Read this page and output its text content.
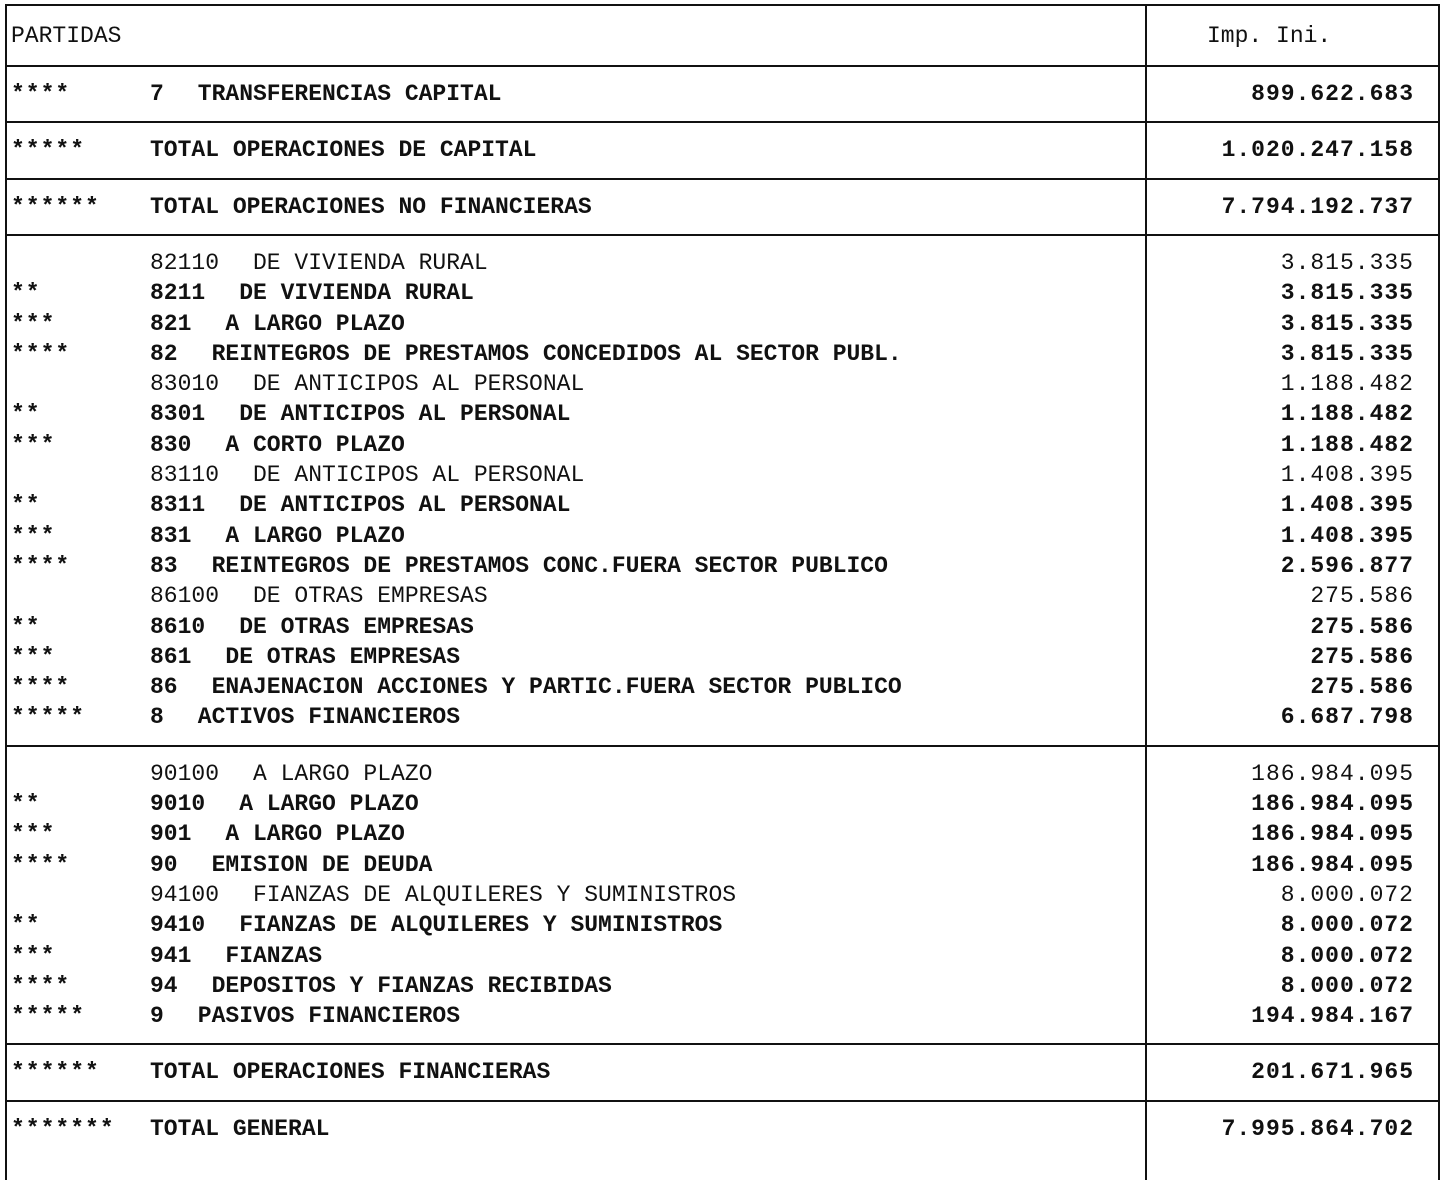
PARTIDAS

	Imp. Ini.

****	7 TRANSFERENCIAS CAPITAL	899.622.683
*****	TOTAL OPERACIONES DE CAPITAL	1.020.247.158
****** TOTAL OPERACIONES NO FINANCIERAS	7.794.192.737
82110 DE VIVIENDA RURAL	3.815.335
**	8211 DE VIVIENDA RURAL	3.815.335
***	821 A LARGO PLAZO	3.815.335
****	82 REINTEGROS DE PRESTAMOS CONCEDIDOS AL SECTOR PUBL.	3.815.335
83010 DE ANTICIPOS AL PERSONAL	1.188.482
**	8301 DE ANTICIPOS AL PERSONAL	1.188.482
***	830 A CORTO PLAZO	1.188.482
83110 DE ANTICIPOS AL PERSONAL	1.408.395
**	8311 DE ANTICIPOS AL PERSONAL	1.408.395
***	831 A LARGO PLAZO	1.408.395
****	83 REINTEGROS DE PRESTAMOS CONC.FUERA SECTOR PUBLICO	2.596.877
86100 DE OTRAS EMPRESAS	275.586
**	8610 DE OTRAS EMPRESAS	275.586
***	861 DE OTRAS EMPRESAS	275.586
****	86 ENAJENACION ACCIONES Y PARTIC.FUERA SECTOR PUBLICO	275.586
*****	8 ACTIVOS FINANCIEROS	6.687.798
90100 A LARGO PLAZO	186.984.095
**	9010 A LARGO PLAZO	186.984.095
***	901 A LARGO PLAZO	186.984.095
****	90 EMISION DE DEUDA	186.984.095
94100 FIANZAS DE ALQUILERES Y SUMINISTROS	8.000.072
**	9410 FIANZAS DE ALQUILERES Y SUMINISTROS	8.000.072
***	941 FIANZAS	8.000.072
****	94 DEPOSITOS Y FIANZAS RECIBIDAS	8.000.072
*****	9 PASIVOS FINANCIEROS	194.984.167
****** TOTAL OPERACIONES FINANCIERAS	201.671.965
******* TOTAL GENERAL	7.995.864.702
